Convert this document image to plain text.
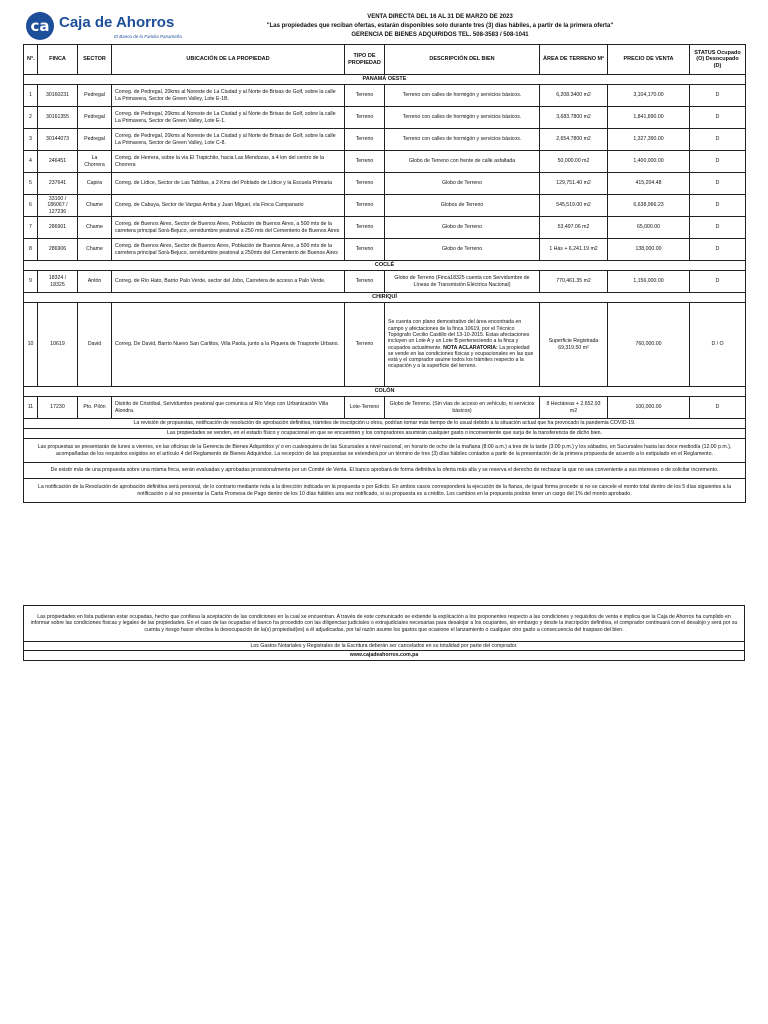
ca Caja de Ahorros
El Banco de la Familia Panameña
VENTA DIRECTA DEL 16 AL 31 DE MARZO DE 2023
"Las propiedades que reciban ofertas, estarán disponibles solo durante tres (3) días hábiles, a partir de la primera oferta"
GERENCIA DE BIENES ADQUIRIDOS TEL. 508-3583 / 508-1041
N°.	FINCA	SECTOR	UBICACIÓN DE LA PROPIEDAD	TIPO DE PROPIEDAD	DESCRIPCIÓN DEL BIEN	ÁREA DE TERRENO M²	PRECIO DE VENTA	STATUS Ocupado (O) Desocupado (D)
PANAMÁ OESTE								
1	30160231	Pedregal	Correg. de Pedregal, 20kms al Noreste de La Ciudad y al Norte de Brisas de Golf, sobre la calle La Primavera, Sector de Green Valley, Lote E-1B.	Terreno	Terreno con calles de hormigón y servicios básicos.	6,208.3400 m2	3,104,170.00	D
2	30161355	Pedregal	Correg. de Pedregal, 20kms al Noreste de La Ciudad y al Norte de Brisas de Golf, sobre la calle La Primavera, Sector de Green Valley, Lote E-1.	Terreno	Terreno con calles de hormigón y servicios básicos.	3,683.7800 m2	1,841,890.00	D
3	30144073	Pedregal	Correg. de Pedregal, 20kms al Noreste de La Ciudad y al Norte de Brisas de Golf, sobre la calle La Primavera, Sector de Green Valley, Lote C-8.	Terreno	Terreno con calles de hormigón y servicios básicos.	2,654.7800 m2	1,327,390.00	D
4	246451	La Chorrera	Correg. de Herrera, sobre la vía El Trapichito, hacia Las Mendozas, a 4 km del centro de la Chorrera	Terreno	Globo de Terreno con frente de calle asfaltada	50,000.00 m2	1,400,000.00	D
5	237641	Capira	Correg. de Lídice, Sector de Las Tablitas, a 2 Kms del Poblado de Lídice y la Escuela Primaria	Terreno	Globo de Terreno	129,751.40 m2	415,204.48	D
6	33100 / 186067 / 127236	Chame	Correg. de Cabuya, Sector de Vargas Arriba y Juan Miguel, vía Finca Campanario	Terreno	Globos de Terreno	545,519.00 m2	6,638,966.23	D
7	286901	Chame	Correg. de Buenos Aires, Sector de Buenos Aires, Población de Buenos Aires, a 500 mts de la carretera principal Sorá-Bejuco, servidumbre peatonal a 250 mts del Cementerio de Buenos Aires	Terreno	Globo de Terreno	53,497.06 m2	65,000.00	D
8	286906	Chame	Correg. de Buenos Aires, Sector de Buenos Aires, Población de Buenos Aires, a 500 mts de la carretera principal Sorá-Bejuco, servidumbre peatonal a 250mts del Cementerio de Buenos Aires	Terreno	Globo de Terreno	1 Hás + 6,241.19 m2	138,000.00	D
COCLÉ								
9	18324 / 18325	Antón	Correg. de Río Hato, Barrio Palo Verde, sector del Jobo, Carretera de acceso a Palo Verde.	Terreno	Globo de Terreno (Finca18325 cuenta con Servidumbre de Líneas de Transmisión Eléctrica Nacional)	770,461.35 m2	1,156,000.00	D
CHIRIQUÍ								
10	10619	David	Correg. De David, Barrio Nuevo San Carlitos, Villa Paola, junto a la Piquera de Trasporte Urbano.	Terreno	Se cuenta con plano demostrativo del área encontrada en campo y afectaciones de la finca 10619, por el Técnico Topógrafo Cecilio Castillo del 13-10-2015. Estas afectaciones incluyen un Lote A y un Lote B perteneciendo a la finca y ocupados actualmente. NOTA ACLARATORIA: La propiedad se vende en las condiciones físicas y ocupacionales en las que está y el comprador asume todos los trámites respecto a la ocupación y a la superficie del terreno.	Superficie Registrada 69,319.50 m²	760,000.00	D / O
COLÓN								
11	17230	Pto. Pilón	Distrito de Cristóbal, Servidumbre peatonal que comunica al Río Viejo con Urbanización Villa Alondra.	Lote-Terreno	Globo de Terreno. (Sin vías de acceso en vehículo, ni servicios básicos)	8 Hectáreas + 2,652.93 m2	100,000.00	D
La revisión de propuestas, notificación de resolución de aprobación definitiva, trámites de inscripción u otros, podrían tomar más tiempo de lo usual debido a la situación actual que ha provocado la pandemia COVID-19.								
Las propiedades se venden, en el estado físico y ocupacional en que se encuentren y los compradores asumirán cualquier gasto o inconveniente que surja de la transferencia de dicho bien.								
Las propuestas se presentarán de lunes a viernes, en las oficinas de la Gerencia de Bienes Adquiridos y/ o en cualesquiera de las Sucursales a nivel nacional, en horario de ocho de la mañana (8:00 a.m.) a tres de la tarde (3:00 p.m.) y los sábados, en Sucursales hasta las doce mediodía (12:00 p.m.), acompañadas de los requisitos exigidos en el artículo 4 del Reglamento de Bienes Adquiridos. La recepción de las propuestas se extenderá por un término de tres (3) días hábiles contados a partir de la presentación de la primera propuesta de acuerdo a lo estipulado en el Reglamento.								
De existir más de una propuesta sobre una misma finca, serán evaluadas y aprobadas provisionalmente por un Comité de Venta. El banco aprobará de forma definitiva la oferta más alta y se reserva el derecho de rechazar la que no sea conveniente a sus intereses o de solicitar incremento.								
La notificación de la Resolución de aprobación definitiva será personal, de lo contrario mediante nota a la dirección indicada en la propuesta o por Edicto. En ambos casos corresponderá la ejecución de la fianza, de igual forma procede si no se cancele el monto total dentro de los 5 días siguientes a la notificación o al no presentar la Carta Promesa de Pago dentro de los 10 días hábiles una vez notificado, si su propuesta es a crédito. Los cambios en la propuesta podrán tener un cargo del 1% del monto aprobado.								
Las propiedades en lista pudieran estar ocupadas, hecho que confiesa la aceptación de las condiciones en la cual se encuentran. A través de este comunicado se extiende la explicación a los proponentes respecto a las condiciones y requisitos de venta e implica que la Caja de Ahorros ha cumplido en informar sobre las condiciones físicas y legales de las propiedades. En el caso de las ocupadas el banco ha procedido con las diligencias judiciales o extrajudiciales necesarias para desalojar a los ocupantes, sin embargo y desde la inscripción definitiva, el comprador continuará con el desalojo y será por su cuenta y riesgo hacer efectiva la desocupación de la(s) propiedad(es) a él adjudicadas, por tal razón asume los gastos que ocasione el lanzamiento o cualquier otro gasto a consecuencia del traspaso del bien.
Los Gastos Notariales y Registrales de la Escritura deberán ser cancelados en su totalidad por parte del comprador.
www.cajadeahorros.com.pa
